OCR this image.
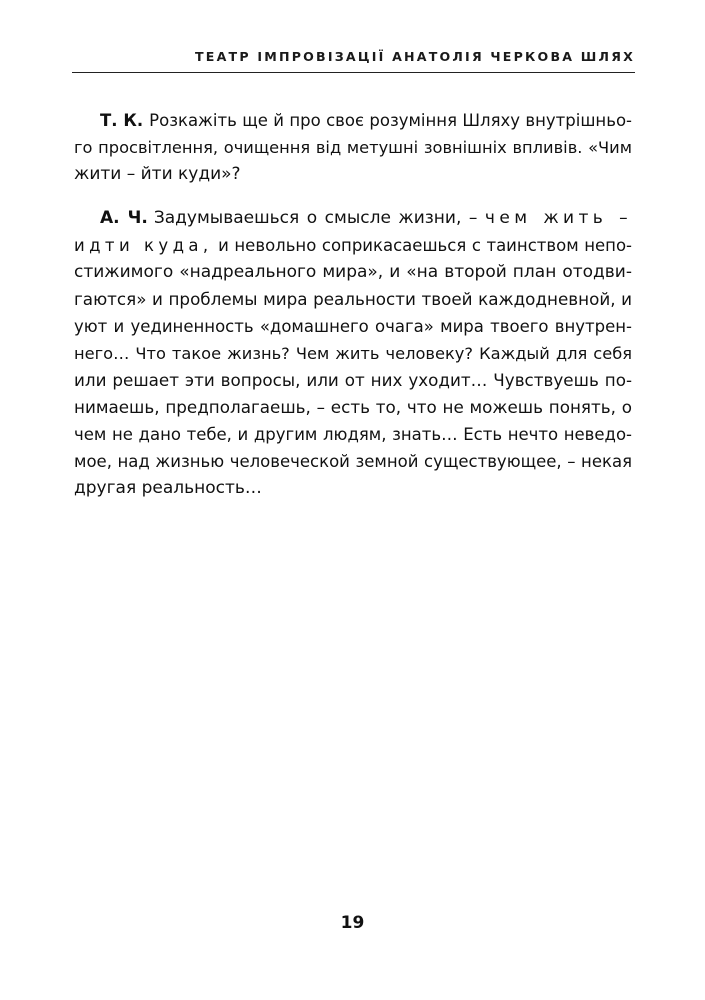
ТЕАТР ІМПРОВІЗАЦІЇ АНАТОЛІЯ ЧЕРКОВА ШЛЯХ
Т. К. Розкажіть ще й про своє розуміння Шляху внутрішньо-
го просвітлення, очищення від метушні зовнішніх впливів. «Чим
жити – йти куди»?
А. Ч. Задумываешься о смысле жизни, – чем жить –
идти куда, и невольно соприкасаешься с таинством непо-
стижимого «надреального мира», и «на второй план отодви-
гаются» и проблемы мира реальности твоей каждодневной, и
уют и уединенность «домашнего очага» мира твоего внутрен-
него… Что такое жизнь? Чем жить человеку? Каждый для себя
или решает эти вопросы, или от них уходит… Чувствуешь по-
нимаешь, предполагаешь, – есть то, что не можешь понять, о
чем не дано тебе, и другим людям, знать… Есть нечто неведо-
мое, над жизнью человеческой земной существующее, – некая
другая реальность…
19
